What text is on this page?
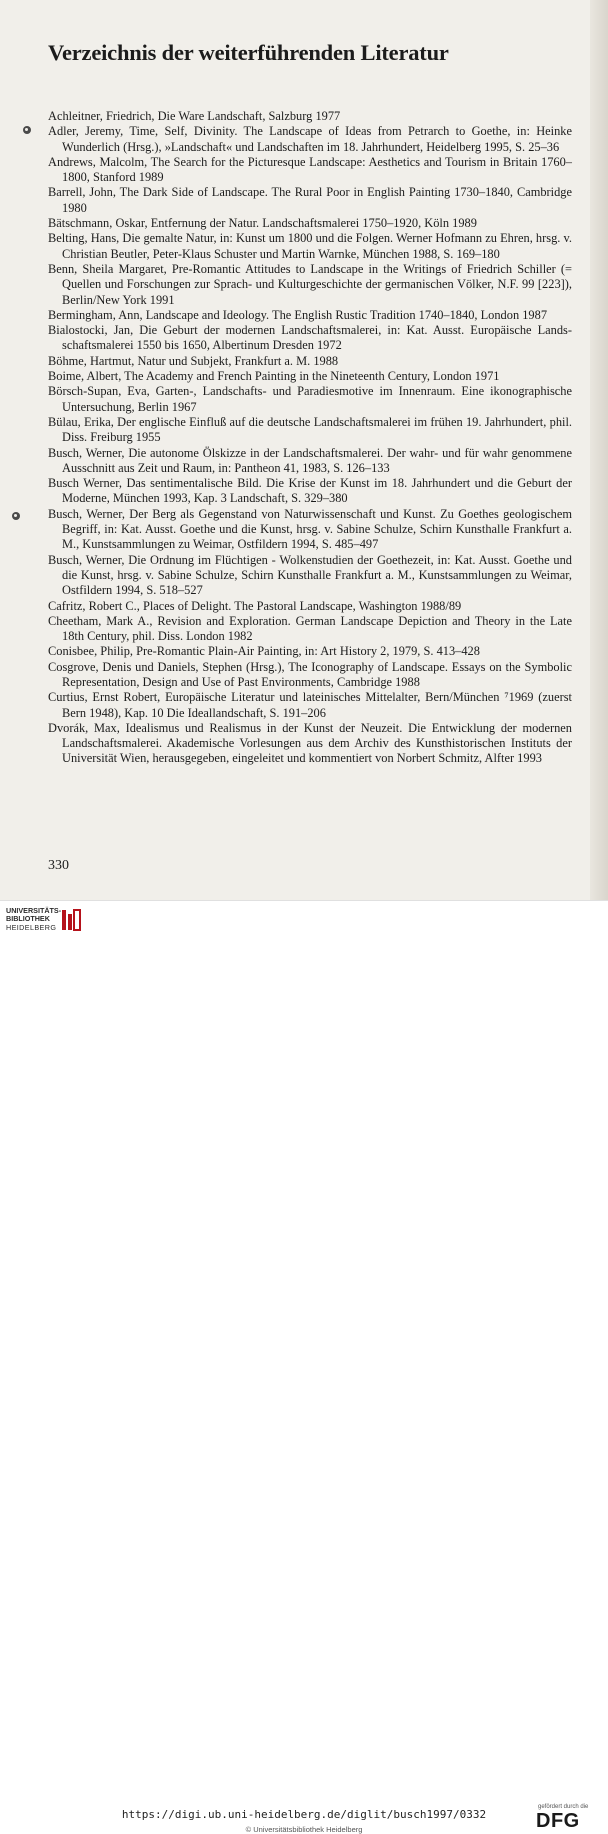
Verzeichnis der weiterführenden Literatur

Achleitner, Friedrich, Die Ware Landschaft, Salzburg 1977

Adler, Jeremy, Time, Self, Divinity. The Landscape of Ideas from Petrarch to Goethe, in: Heinke Wunderlich (Hrsg.), »Landschaft« und Landschaften im 18. Jahrhundert, Heidelberg 1995, S. 25–36

Andrews, Malcolm, The Search for the Picturesque Landscape: Aesthetics and Tourism in Britain 1760–1800, Stanford 1989

Barrell, John, The Dark Side of Landscape. The Rural Poor in English Painting 1730–1840, Cambridge 1980

Bätschmann, Oskar, Entfernung der Natur. Landschaftsmalerei 1750–1920, Köln 1989

Belting, Hans, Die gemalte Natur, in: Kunst um 1800 und die Folgen. Werner Hofmann zu Ehren, hrsg. v. Christian Beutler, Peter-Klaus Schuster und Martin Warnke, München 1988, S. 169–180

Benn, Sheila Margaret, Pre-Romantic Attitudes to Landscape in the Writings of Friedrich Schiller (= Quellen und Forschungen zur Sprach- und Kulturgeschichte der germanischen Völker, N.F. 99 [223]), Berlin/New York 1991

Bermingham, Ann, Landscape and Ideology. The English Rustic Tradition 1740–1840, London 1987

Bialostocki, Jan, Die Geburt der modernen Landschaftsmalerei, in: Kat. Ausst. Europäische Landsschaftsmalerei 1550 bis 1650, Albertinum Dresden 1972

Böhme, Hartmut, Natur und Subjekt, Frankfurt a. M. 1988

Boime, Albert, The Academy and French Painting in the Nineteenth Century, London 1971

Börsch-Supan, Eva, Garten-, Landschafts- und Paradiesmotive im Innenraum. Eine ikonographische Untersuchung, Berlin 1967

Bülau, Erika, Der englische Einfluß auf die deutsche Landschaftsmalerei im frühen 19. Jahrhundert, phil. Diss. Freiburg 1955

Busch, Werner, Die autonome Ölskizze in der Landschaftsmalerei. Der wahr- und für wahr genommene Ausschnitt aus Zeit und Raum, in: Pantheon 41, 1983, S. 126–133

Busch Werner, Das sentimentalische Bild. Die Krise der Kunst im 18. Jahrhundert und die Geburt der Moderne, München 1993, Kap. 3 Landschaft, S. 329–380

Busch, Werner, Der Berg als Gegenstand von Naturwissenschaft und Kunst. Zu Goethes geologischem Begriff, in: Kat. Ausst. Goethe und die Kunst, hrsg. v. Sabine Schulze, Schirn Kunsthalle Frankfurt a. M., Kunstsammlungen zu Weimar, Ostfildern 1994, S. 485–497

Busch, Werner, Die Ordnung im Flüchtigen - Wolkenstudien der Goethezeit, in: Kat. Ausst. Goethe und die Kunst, hrsg. v. Sabine Schulze, Schirn Kunsthalle Frankfurt a. M., Kunstsammlungen zu Weimar, Ostfildern 1994, S. 518–527

Cafritz, Robert C., Places of Delight. The Pastoral Landscape, Washington 1988/89

Cheetham, Mark A., Revision and Exploration. German Landscape Depiction and Theory in the Late 18th Century, phil. Diss. London 1982

Conisbee, Philip, Pre-Romantic Plain-Air Painting, in: Art History 2, 1979, S. 413–428

Cosgrove, Denis und Daniels, Stephen (Hrsg.), The Iconography of Landscape. Essays on the Symbolic Representation, Design and Use of Past Environments, Cambridge 1988

Curtius, Ernst Robert, Europäische Literatur und lateinisches Mittelalter, Bern/München ⁷1969 (zuerst Bern 1948), Kap. 10 Die Ideallandschaft, S. 191–206

Dvorák, Max, Idealismus und Realismus in der Kunst der Neuzeit. Die Entwicklung der modernen Landschaftsmalerei. Akademische Vorlesungen aus dem Archiv des Kunsthistorischen Instituts der Universität Wien, herausgegeben, eingeleitet und kommentiert von Norbert Schmitz, Alfter 1993

330

UNIVERSITÄTS-
BIBLIOTHEK
HEIDELBERG
https://digi.ub.uni-heidelberg.de/diglit/busch1997/0332
© Universitätsbibliothek Heidelberg
gefördert durch die
DFG
